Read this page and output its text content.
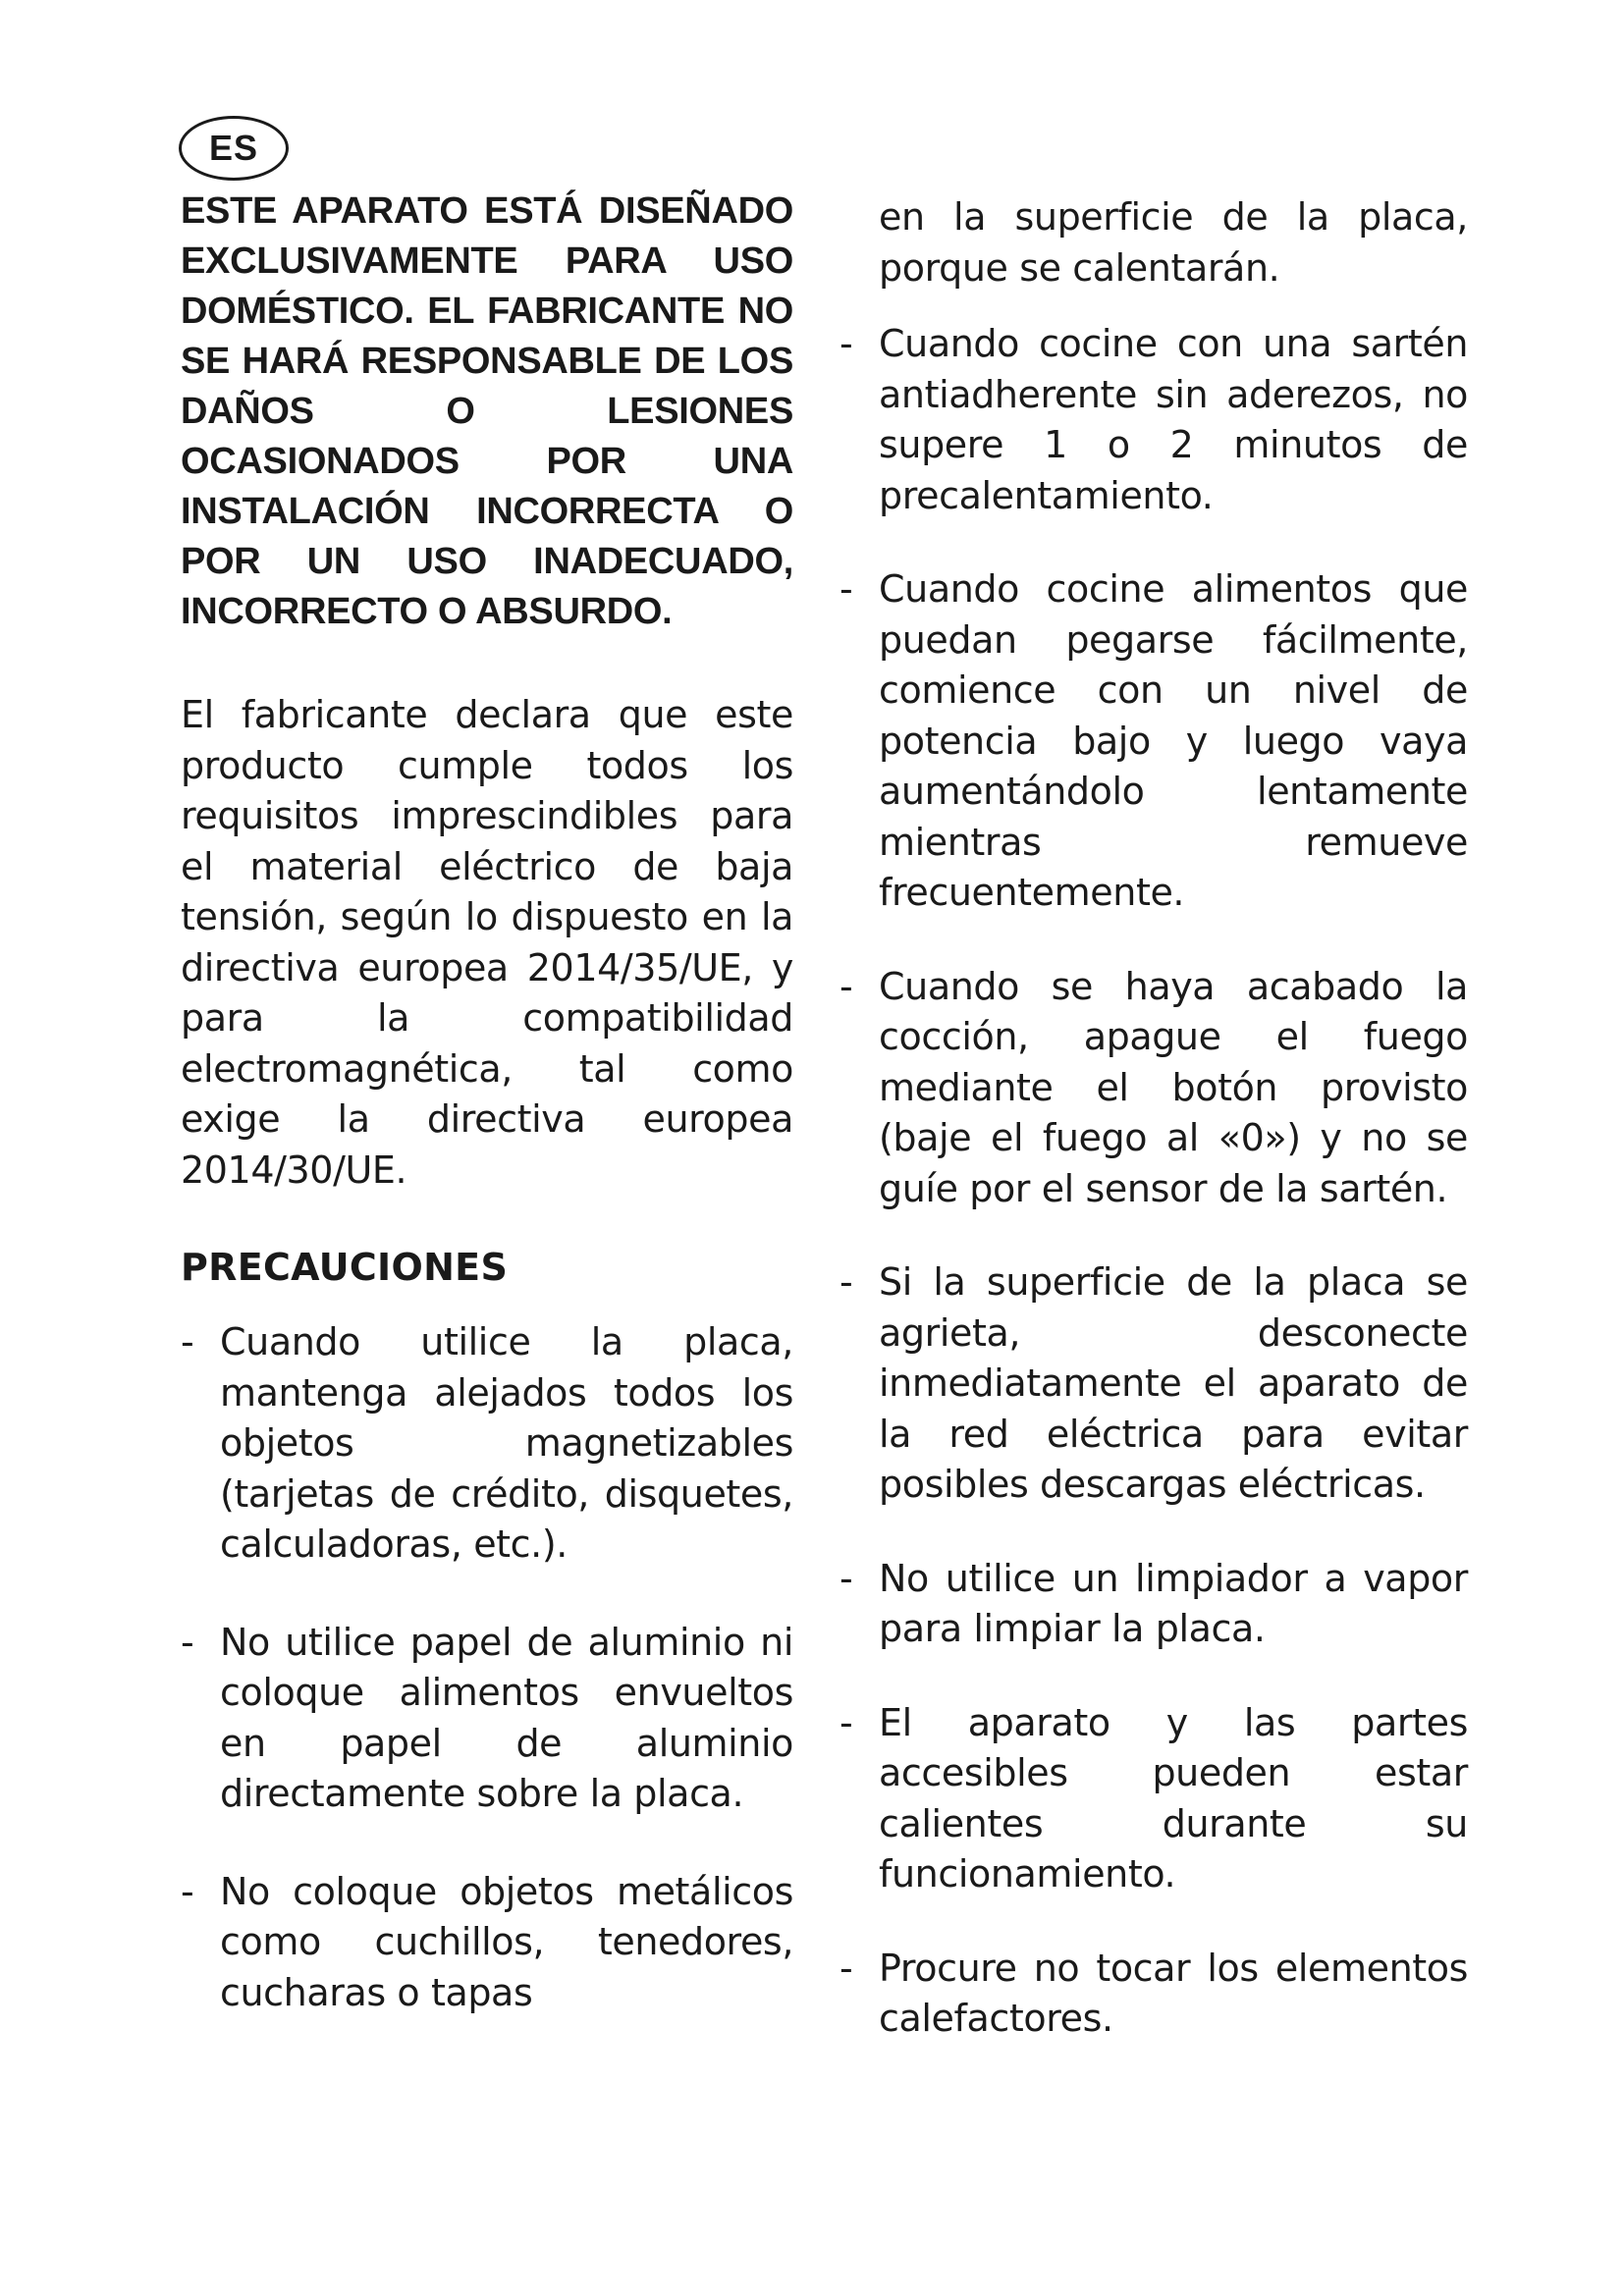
ES

ESTE APARATO ESTÁ DISEÑADO EXCLUSIVAMENTE PARA USO DOMÉSTICO. EL FABRICANTE NO SE HARÁ RESPONSABLE DE LOS DAÑOS O LESIONES OCASIONADOS POR UNA INSTALACIÓN INCORRECTA O POR UN USO INADECUADO, INCORRECTO O ABSURDO.

El fabricante declara que este producto cumple todos los requisitos imprescindibles para el material eléctrico de baja tensión, según lo dispuesto en la directiva europea 2014/35/UE, y para la compatibilidad electromagnética, tal como exige la directiva europea 2014/30/UE.

PRECAUCIONES
- Cuando utilice la placa, mantenga alejados todos los objetos magnetizables (tarjetas de crédito, disquetes, calculadoras, etc.).
- No utilice papel de aluminio ni coloque alimentos envueltos en papel de aluminio directamente sobre la placa.
- No coloque objetos metálicos como cuchillos, tenedores, cucharas o tapas

en la superficie de la placa, porque se calentarán.

- Cuando cocine con una sartén antiadherente sin aderezos, no supere 1 o 2 minutos de precalentamiento.
- Cuando cocine alimentos que puedan pegarse fácilmente, comience con un nivel de potencia bajo y luego vaya aumentándolo lentamente mientras remueve frecuentemente.
- Cuando se haya acabado la cocción, apague el fuego mediante el botón provisto (baje el fuego al «0») y no se guíe por el sensor de la sartén.
- Si la superficie de la placa se agrieta, desconecte inmediatamente el aparato de la red eléctrica para evitar posibles descargas eléctricas.
- No utilice un limpiador a vapor para limpiar la placa.
- El aparato y las partes accesibles pueden estar calientes durante su funcionamiento.
- Procure no tocar los elementos calefactores.
